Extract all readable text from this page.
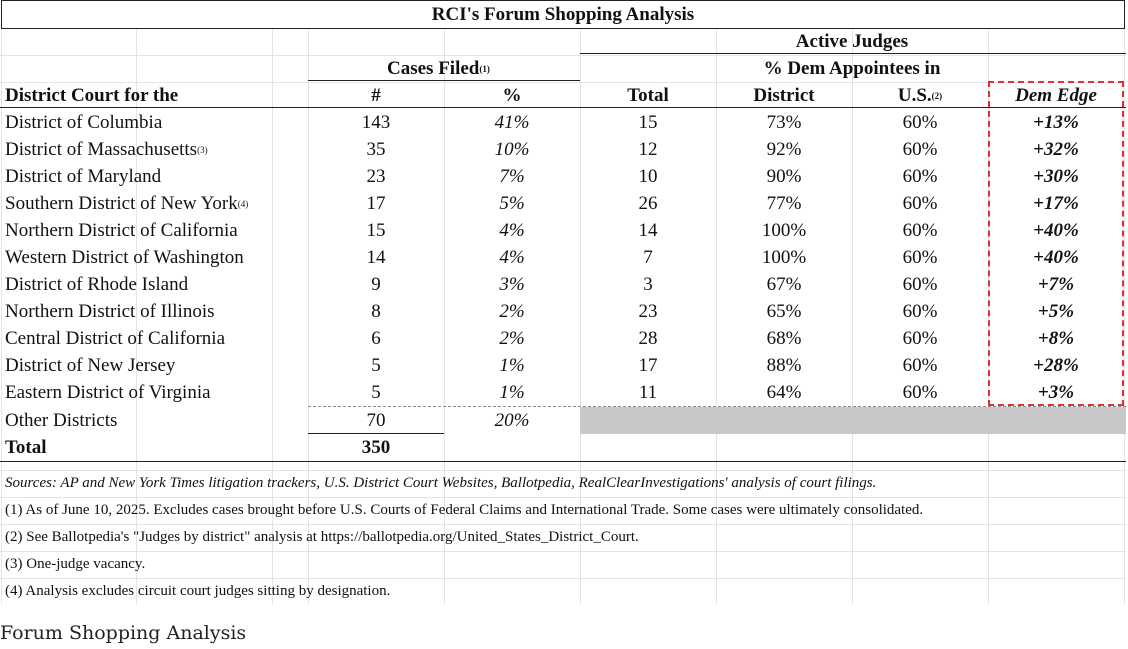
RCI's Forum Shopping Analysis
Active Judges
Cases Filed$^{(1)}$	% Dem Appointees in
District Court for the	#	%	Total	District	U.S.$^{(2)}$	Dem Edge
District of Columbia	143	41%	15	73%	60%	+13%
District of Massachusetts$^{(3)}$	35	10%	12	92%	60%	+32%
District of Maryland	23	7%	10	90%	60%	+30%
Southern District of New York$^{(4)}$	17	5%	26	77%	60%	+17%
Northern District of California	15	4%	14	100%	60%	+40%
Western District of Washington	14	4%	7	100%	60%	+40%
District of Rhode Island	9	3%	3	67%	60%	+7%
Northern District of Illinois	8	2%	23	65%	60%	+5%
Central District of California	6	2%	28	68%	60%	+8%
District of New Jersey	5	1%	17	88%	60%	+28%
Eastern District of Virginia	5	1%	11	64%	60%	+3%
Other Districts	70	20%
Total	350
Sources: AP and New York Times litigation trackers, U.S. District Court Websites, Ballotpedia, RealClearInvestigations' analysis of court filings.
(1) As of June 10, 2025. Excludes cases brought before U.S. Courts of Federal Claims and International Trade. Some cases were ultimately consolidated.
(2) See Ballotpedia's "Judges by district" analysis at https://ballotpedia.org/United_States_District_Court.
(3) One-judge vacancy.
(4) Analysis excludes circuit court judges sitting by designation.
Forum Shopping Analysis
